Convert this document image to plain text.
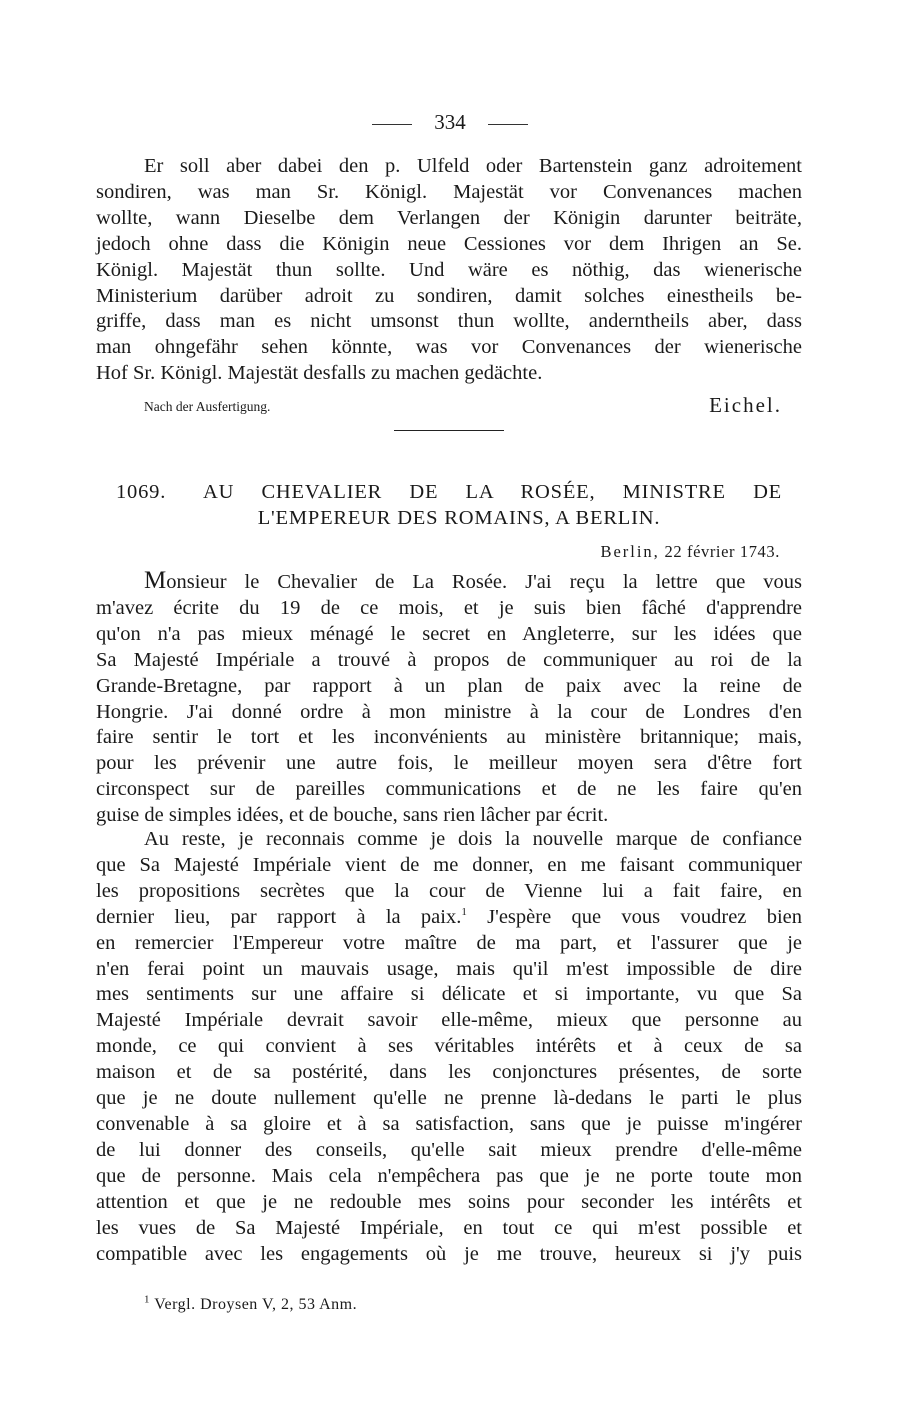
334

Er soll aber dabei den p. Ulfeld oder Bartenstein ganz adroitement
sondiren, was man Sr. Königl. Majestät vor Convenances machen
wollte, wann Dieselbe dem Verlangen der Königin darunter beiträte,
jedoch ohne dass die Königin neue Cessiones vor dem Ihrigen an Se.
Königl. Majestät thun sollte. Und wäre es nöthig, das wienerische
Ministerium darüber adroit zu sondiren, damit solches einestheils be-
griffe, dass man es nicht umsonst thun wollte, anderntheils aber, dass
man ohngefähr sehen könnte, was vor Convenances der wienerische
Hof Sr. Königl. Majestät desfalls zu machen gedächte.

Nach der Ausfertigung.	Eichel.
1069. AU CHEVALIER DE LA ROSÉE, MINISTRE DE
L'EMPEREUR DES ROMAINS, A BERLIN.
Berlin, 22 février 1743.

Monsieur le Chevalier de La Rosée. J'ai reçu la lettre que vous
m'avez écrite du 19 de ce mois, et je suis bien fâché d'apprendre
qu'on n'a pas mieux ménagé le secret en Angleterre, sur les idées que
Sa Majesté Impériale a trouvé à propos de communiquer au roi de la
Grande-Bretagne, par rapport à un plan de paix avec la reine de
Hongrie. J'ai donné ordre à mon ministre à la cour de Londres d'en
faire sentir le tort et les inconvénients au ministère britannique; mais,
pour les prévenir une autre fois, le meilleur moyen sera d'être fort
circonspect sur de pareilles communications et de ne les faire qu'en
guise de simples idées, et de bouche, sans rien lâcher par écrit.

Au reste, je reconnais comme je dois la nouvelle marque de confiance
que Sa Majesté Impériale vient de me donner, en me faisant communiquer
les propositions secrètes que la cour de Vienne lui a fait faire, en
dernier lieu, par rapport à la paix.$^1$ J'espère que vous voudrez bien
en remercier l'Empereur votre maître de ma part, et l'assurer que je
n'en ferai point un mauvais usage, mais qu'il m'est impossible de dire
mes sentiments sur une affaire si délicate et si importante, vu que Sa
Majesté Impériale devrait savoir elle-même, mieux que personne au
monde, ce qui convient à ses véritables intérêts et à ceux de sa
maison et de sa postérité, dans les conjonctures présentes, de sorte
que je ne doute nullement qu'elle ne prenne là-dedans le parti le plus
convenable à sa gloire et à sa satisfaction, sans que je puisse m'ingérer
de lui donner des conseils, qu'elle sait mieux prendre d'elle-même
que de personne. Mais cela n'empêchera pas que je ne porte toute mon
attention et que je ne redouble mes soins pour seconder les intérêts et
les vues de Sa Majesté Impériale, en tout ce qui m'est possible et
compatible avec les engagements où je me trouve, heureux si j'y puis

$^1$ Vergl. Droysen V, 2, 53 Anm.
